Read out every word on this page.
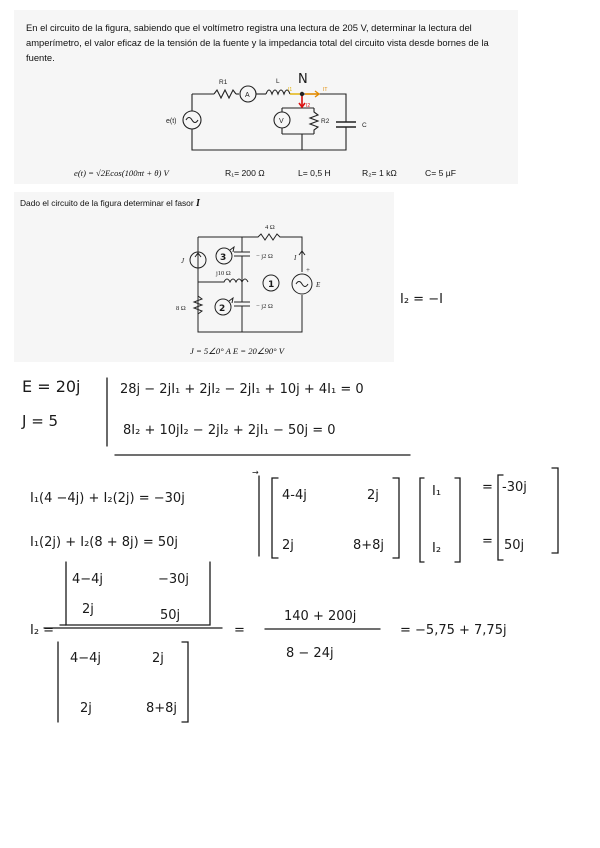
En el circuito de la figura, sabiendo que el voltímetro registra una lectura de 205 V, determinar la lectura del amperímetro, el valor eficaz de la tensión de la fuente y la impedancia total del circuito vista desde bornes de la fuente.

R1
A
L
V	R2
C
e(t)
IT
I1
I2
N
e(t) = √2Ecos(100πt + θ) V	R₁= 200 Ω	L= 0,5 H	R₂= 1 kΩ	C= 5 µF
Dado el circuito de la figura determinar el fasor I
4 Ω
− j2 Ω
j10 Ω
8 Ω	− j2 Ω
J	I
E
+
3
1
2
J = 5∠0° A E = 20∠90° V
I₂ = −I
E = 20j
J = 5
28j − 2jI₁ + 2jI₂ − 2jI₁ + 10j + 4I₁ = 0
8I₂ + 10jI₂ − 2jI₂ + 2jI₁ − 50j = 0
I₁(4 −4j) + I₂(2j) = −30j
I₁(2j) + I₂(8 + 8j) = 50j
→
4-4j	2j
2j	8+8j
I₁
I₂
=
=
-30j
50j
I₂ =
4−4j	−30j
2j	50j
4−4j	2j
2j	8+8j
=
140 + 200j
8 − 24j
= −5,75 + 7,75j
